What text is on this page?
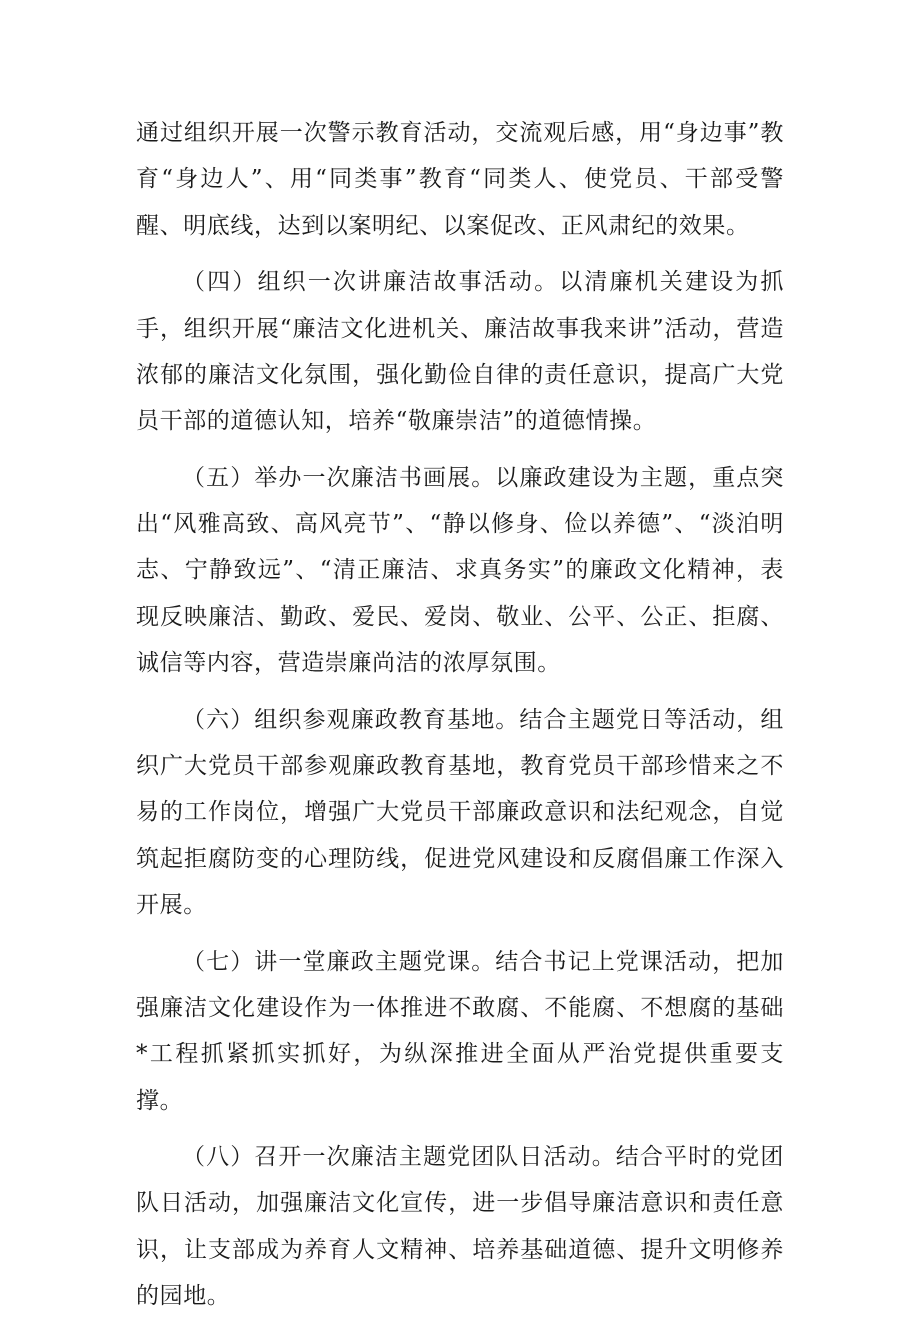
通过组织开展一次警示教育活动，交流观后感，用“身边事”教育“身边人”、用“同类事”教育“同类人、使党员、干部受警醒、明底线，达到以案明纪、以案促改、正风肃纪的效果。

（四）组织一次讲廉洁故事活动。以清廉机关建设为抓手，组织开展“廉洁文化进机关、廉洁故事我来讲”活动，营造浓郁的廉洁文化氛围，强化勤俭自律的责任意识，提高广大党员干部的道德认知，培养“敬廉崇洁”的道德情操。

（五）举办一次廉洁书画展。以廉政建设为主题，重点突出“风雅高致、高风亮节”、“静以修身、俭以养德”、“淡泊明志、宁静致远”、“清正廉洁、求真务实”的廉政文化精神，表现反映廉洁、勤政、爱民、爱岗、敬业、公平、公正、拒腐、诚信等内容，营造崇廉尚洁的浓厚氛围。

（六）组织参观廉政教育基地。结合主题党日等活动，组织广大党员干部参观廉政教育基地，教育党员干部珍惜来之不易的工作岗位，增强广大党员干部廉政意识和法纪观念，自觉筑起拒腐防变的心理防线，促进党风建设和反腐倡廉工作深入开展。

（七）讲一堂廉政主题党课。结合书记上党课活动，把加强廉洁文化建设作为一体推进不敢腐、不能腐、不想腐的基础*工程抓紧抓实抓好，为纵深推进全面从严治党提供重要支撑。

（八）召开一次廉洁主题党团队日活动。结合平时的党团队日活动，加强廉洁文化宣传，进一步倡导廉洁意识和责任意识，让支部成为养育人文精神、培养基础道德、提升文明修养的园地。
